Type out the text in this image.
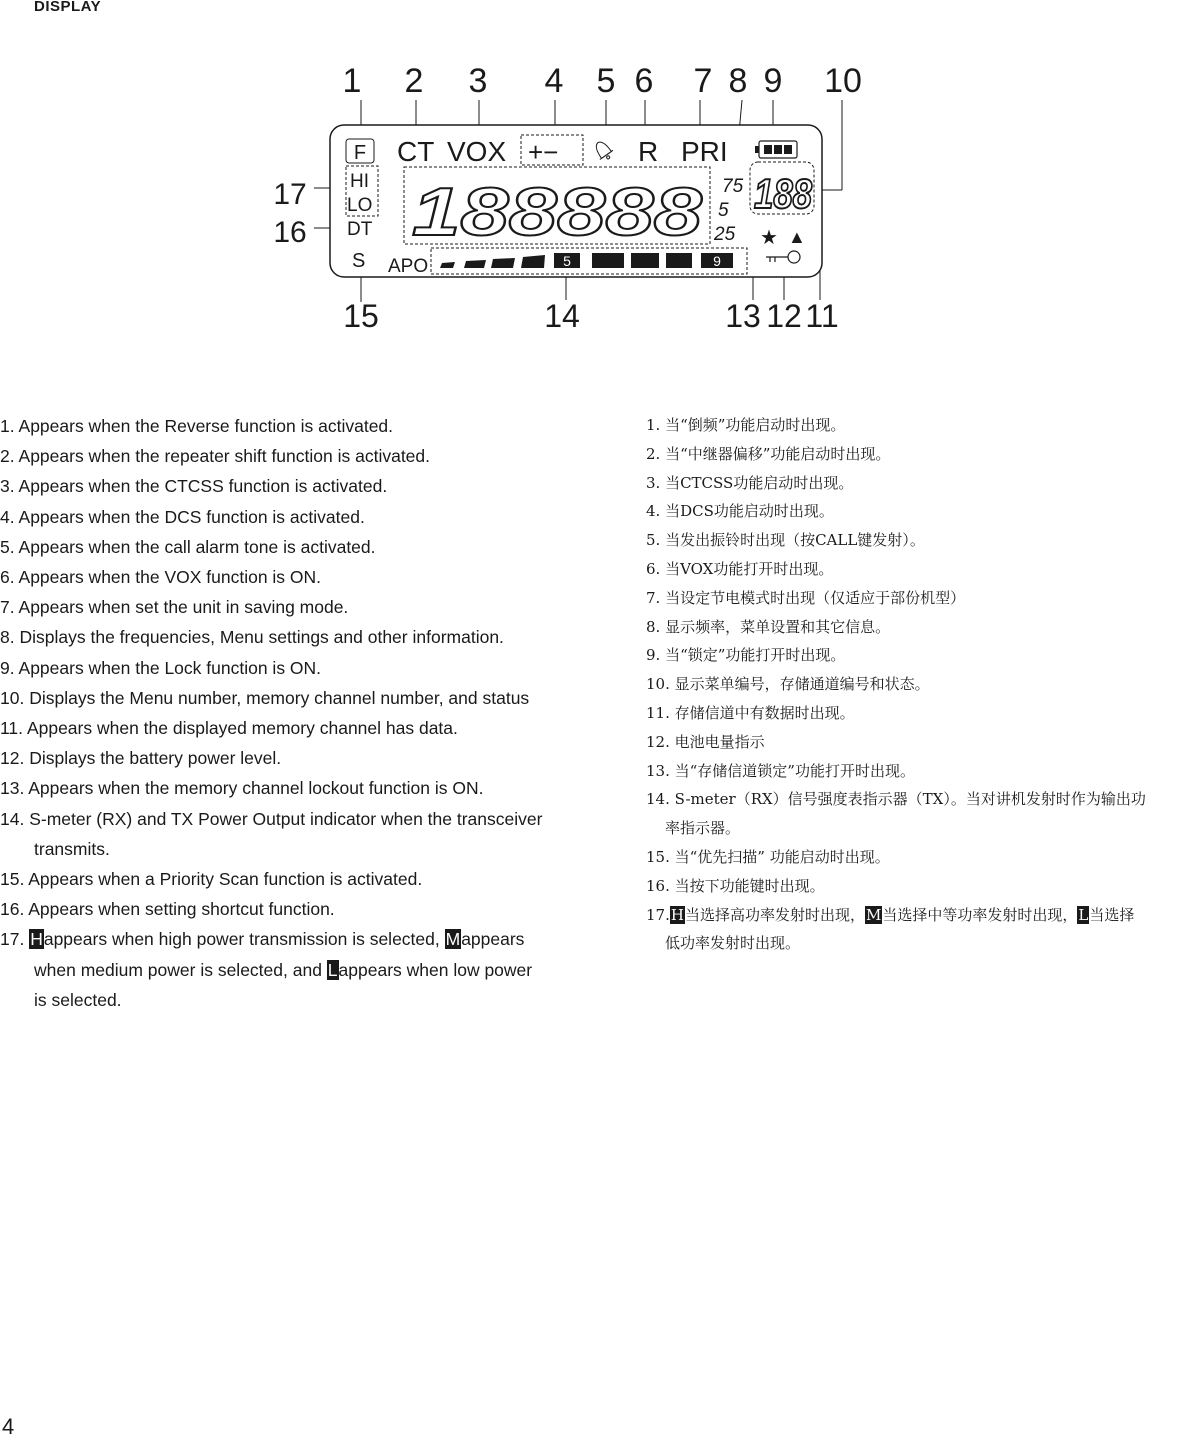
DISPLAY
1 2 3 4 5 6 7 8 9 10
17
16
15	14	13 12 11
F CT VOX +−	R PRI
HI
LO
DT
S APO
188888 75
5
25
188
★ ▲
5	9
1. Appears when the Reverse function is activated.
2. Appears when the repeater shift function is activated.
3. Appears when the CTCSS function is activated.
4. Appears when the DCS function is activated.
5. Appears when the call alarm tone is activated.
6. Appears when the VOX function is ON.
7. Appears when set the unit in saving mode.
8. Displays the frequencies, Menu settings and other information.
9. Appears when the Lock function is ON.
10. Displays the Menu number, memory channel number, and status
11. Appears when the displayed memory channel has data.
12. Displays the battery power level.
13. Appears when the memory channel lockout function is ON.
14. S-meter (RX) and TX Power Output indicator when the transceiver
transmits.
15. Appears when a Priority Scan function is activated.
16. Appears when setting shortcut function.
17. Happears when high power transmission is selected, Mappears
when medium power is selected, and Lappears when low power
is selected.
1. 当“倒频”功能启动时出现。
2. 当“中继器偏移”功能启动时出现。
3. 当CTCSS功能启动时出现。
4. 当DCS功能启动时出现。
5. 当发出振铃时出现（按CALL键发射）。
6. 当VOX功能打开时出现。
7. 当设定节电模式时出现（仅适应于部份机型）
8. 显示频率，菜单设置和其它信息。
9. 当“锁定”功能打开时出现。
10. 显示菜单编号，存储通道编号和状态。
11. 存储信道中有数据时出现。
12. 电池电量指示
13. 当“存储信道锁定”功能打开时出现。
14. S-meter（RX）信号强度表指示器（TX）。当对讲机发射时作为输出功
率指示器。
15. 当“优先扫描” 功能启动时出现。
16. 当按下功能键时出现。
17.H当选择高功率发射时出现，M当选择中等功率发射时出现，L当选择
低功率发射时出现。
4
